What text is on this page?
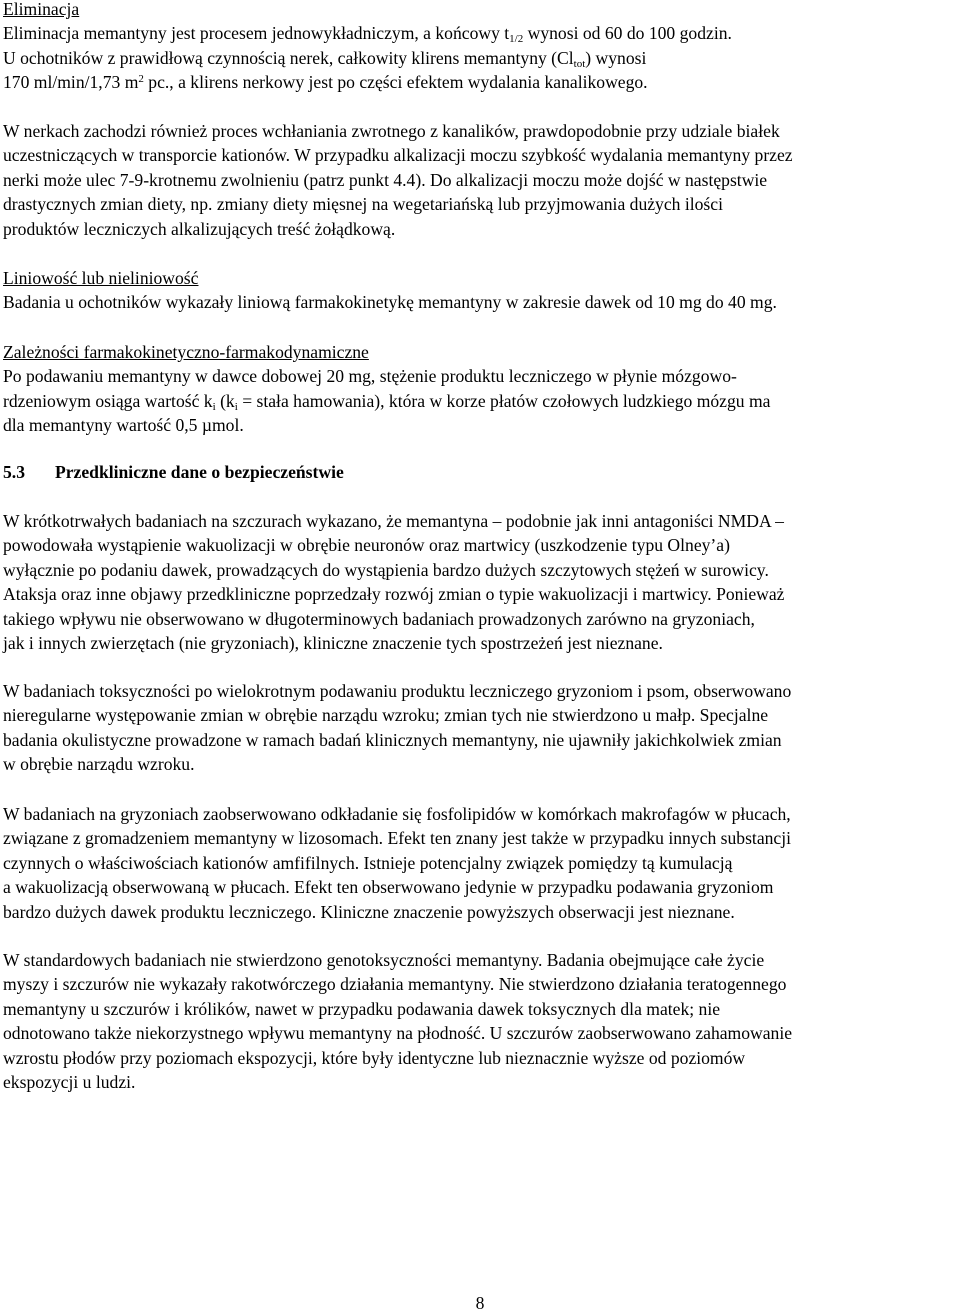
Eliminacja
Eliminacja memantyny jest procesem jednowykładniczym, a końcowy $t_{1/2}$ wynosi od 60 do 100 godzin.
U ochotników z prawidłową czynnością nerek, całkowity klirens memantyny $(Cl_{tot})$ wynosi
170 ml/min/1,73 $m^2$ pc., a klirens nerkowy jest po części efektem wydalania kanalikowego.
W nerkach zachodzi również proces wchłaniania zwrotnego z kanalików, prawdopodobnie przy udziale białek
uczestniczących w transporcie kationów. W przypadku alkalizacji moczu szybkość wydalania memantyny przez
nerki może ulec 7-9-krotnemu zwolnieniu (patrz punkt 4.4). Do alkalizacji moczu może dojść w następstwie
drastycznych zmian diety, np. zmiany diety mięsnej na wegetariańską lub przyjmowania dużych ilości
produktów leczniczych alkalizujących treść żołądkową.
Liniowość lub nieliniowość
Badania u ochotników wykazały liniową farmakokinetykę memantyny w zakresie dawek od 10 mg do 40 mg.
Zależności farmakokinetyczno-farmakodynamiczne
Po podawaniu memantyny w dawce dobowej 20 mg, stężenie produktu leczniczego w płynie mózgowo-
rdzeniowym osiąga wartość $k_i$ ($k_i$ = stała hamowania), która w korze płatów czołowych ludzkiego mózgu ma
dla memantyny wartość 0,5 µmol.
5.3 Przedkliniczne dane o bezpieczeństwie
W krótkotrwałych badaniach na szczurach wykazano, że memantyna – podobnie jak inni antagoniści NMDA –
powodowała wystąpienie wakuolizacji w obrębie neuronów oraz martwicy (uszkodzenie typu Olney’a)
wyłącznie po podaniu dawek, prowadzących do wystąpienia bardzo dużych szczytowych stężeń w surowicy.
Ataksja oraz inne objawy przedkliniczne poprzedzały rozwój zmian o typie wakuolizacji i martwicy. Ponieważ
takiego wpływu nie obserwowano w długoterminowych badaniach prowadzonych zarówno na gryzoniach,
jak i innych zwierzętach (nie gryzoniach), kliniczne znaczenie tych spostrzeżeń jest nieznane.
W badaniach toksyczności po wielokrotnym podawaniu produktu leczniczego gryzoniom i psom, obserwowano
nieregularne występowanie zmian w obrębie narządu wzroku; zmian tych nie stwierdzono u małp. Specjalne
badania okulistyczne prowadzone w ramach badań klinicznych memantyny, nie ujawniły jakichkolwiek zmian
w obrębie narządu wzroku.
W badaniach na gryzoniach zaobserwowano odkładanie się fosfolipidów w komórkach makrofagów w płucach,
związane z gromadzeniem memantyny w lizosomach. Efekt ten znany jest także w przypadku innych substancji
czynnych o właściwościach kationów amfifilnych. Istnieje potencjalny związek pomiędzy tą kumulacją
a wakuolizacją obserwowaną w płucach. Efekt ten obserwowano jedynie w przypadku podawania gryzoniom
bardzo dużych dawek produktu leczniczego. Kliniczne znaczenie powyższych obserwacji jest nieznane.
W standardowych badaniach nie stwierdzono genotoksyczności memantyny. Badania obejmujące całe życie
myszy i szczurów nie wykazały rakotwórczego działania memantyny. Nie stwierdzono działania teratogennego
memantyny u szczurów i królików, nawet w przypadku podawania dawek toksycznych dla matek; nie
odnotowano także niekorzystnego wpływu memantyny na płodność. U szczurów zaobserwowano zahamowanie
wzrostu płodów przy poziomach ekspozycji, które były identyczne lub nieznacznie wyższe od poziomów
ekspozycji u ludzi.
8
